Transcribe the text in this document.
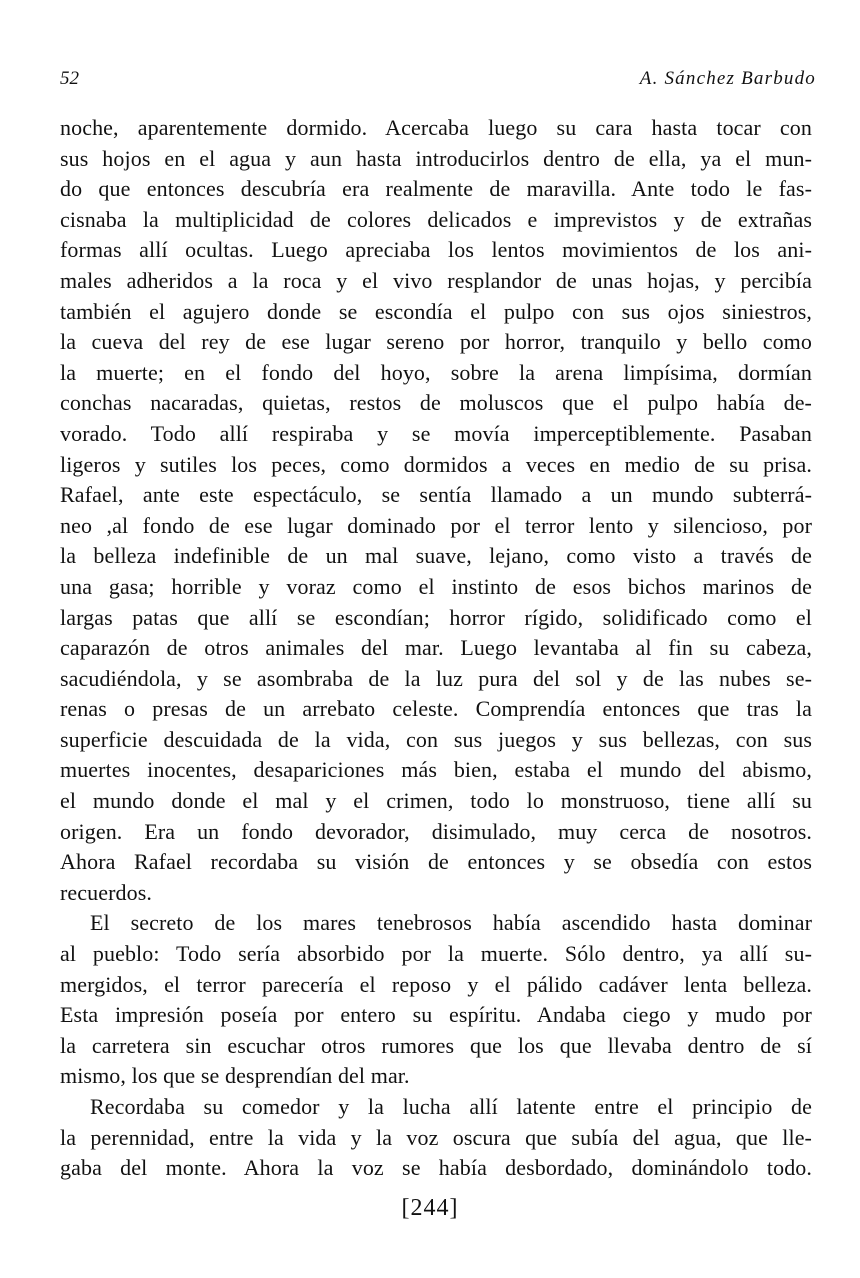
52	A. Sánchez Barbudo
noche, aparentemente dormido. Acercaba luego su cara hasta tocar con
sus hojos en el agua y aun hasta introducirlos dentro de ella, ya el mun-
do que entonces descubría era realmente de maravilla. Ante todo le fas-
cisnaba la multiplicidad de colores delicados e imprevistos y de extrañas
formas allí ocultas. Luego apreciaba los lentos movimientos de los ani-
males adheridos a la roca y el vivo resplandor de unas hojas, y percibía
también el agujero donde se escondía el pulpo con sus ojos siniestros,
la cueva del rey de ese lugar sereno por horror, tranquilo y bello como
la muerte; en el fondo del hoyo, sobre la arena limpísima, dormían
conchas nacaradas, quietas, restos de moluscos que el pulpo había de-
vorado. Todo allí respiraba y se movía imperceptiblemente. Pasaban
ligeros y sutiles los peces, como dormidos a veces en medio de su prisa.
Rafael, ante este espectáculo, se sentía llamado a un mundo subterrá-
neo ,al fondo de ese lugar dominado por el terror lento y silencioso, por
la belleza indefinible de un mal suave, lejano, como visto a través de
una gasa; horrible y voraz como el instinto de esos bichos marinos de
largas patas que allí se escondían; horror rígido, solidificado como el
caparazón de otros animales del mar. Luego levantaba al fin su cabeza,
sacudiéndola, y se asombraba de la luz pura del sol y de las nubes se-
renas o presas de un arrebato celeste. Comprendía entonces que tras la
superficie descuidada de la vida, con sus juegos y sus bellezas, con sus
muertes inocentes, desapariciones más bien, estaba el mundo del abismo,
el mundo donde el mal y el crimen, todo lo monstruoso, tiene allí su
origen. Era un fondo devorador, disimulado, muy cerca de nosotros.
Ahora Rafael recordaba su visión de entonces y se obsedía con estos
recuerdos.
El secreto de los mares tenebrosos había ascendido hasta dominar
al pueblo: Todo sería absorbido por la muerte. Sólo dentro, ya allí su-
mergidos, el terror parecería el reposo y el pálido cadáver lenta belleza.
Esta impresión poseía por entero su espíritu. Andaba ciego y mudo por
la carretera sin escuchar otros rumores que los que llevaba dentro de sí
mismo, los que se desprendían del mar.
Recordaba su comedor y la lucha allí latente entre el principio de
la perennidad, entre la vida y la voz oscura que subía del agua, que lle-
gaba del monte. Ahora la voz se había desbordado, dominándolo todo.
[244]
